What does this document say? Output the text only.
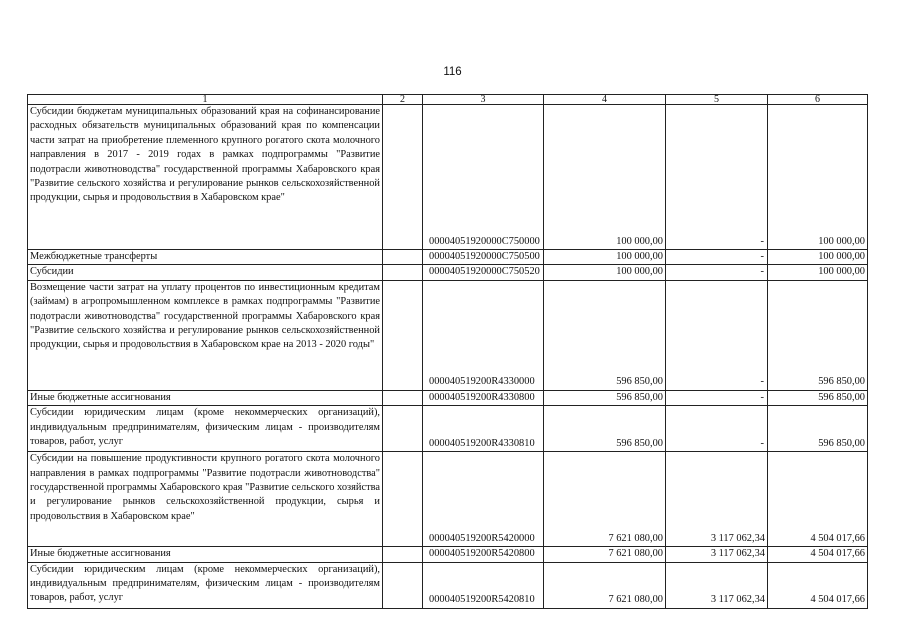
116
1	2	3	4	5	6
Субсидии бюджетам муниципальных образований края на софинансирование расходных обязательств муниципальных образований края по компенсации части затрат на приобретение племенного крупного рогатого скота молочного направления в 2017 - 2019 годах в рамках подпрограммы "Развитие подотрасли животноводства" государственной программы Хабаровского края "Развитие сельского хозяйства и регулирование рынков сельскохозяйственной продукции, сырья и продовольствия в Хабаровском крае"		00004051920000C750000	100 000,00	-	100 000,00
Межбюджетные трансферты		00004051920000C750500	100 000,00	-	100 000,00
Субсидии		00004051920000C750520	100 000,00	-	100 000,00
Возмещение части затрат на уплату процентов по инвестиционным кредитам (займам) в агропромышленном комплексе в рамках подпрограммы "Развитие подотрасли животноводства" государственной программы Хабаровского края "Развитие сельского хозяйства и регулирование рынков сельскохозяйственной продукции, сырья и продовольствия в Хабаровском крае на 2013 - 2020 годы"		000040519200R4330000	596 850,00	-	596 850,00
Иные бюджетные ассигнования		000040519200R4330800	596 850,00	-	596 850,00
Субсидии юридическим лицам (кроме некоммерческих организаций), индивидуальным предпринимателям, физическим лицам - производителям товаров, работ, услуг		000040519200R4330810	596 850,00	-	596 850,00
Субсидии на повышение продуктивности крупного рогатого скота молочного направления в рамках подпрограммы "Развитие подотрасли животноводства" государственной программы Хабаровского края "Развитие сельского хозяйства и регулирование рынков сельскохозяйственной продукции, сырья и продовольствия в Хабаровском крае"		000040519200R5420000	7 621 080,00	3 117 062,34	4 504 017,66
Иные бюджетные ассигнования		000040519200R5420800	7 621 080,00	3 117 062,34	4 504 017,66
Субсидии юридическим лицам (кроме некоммерческих организаций), индивидуальным предпринимателям, физическим лицам - производителям товаров, работ, услуг		000040519200R5420810	7 621 080,00	3 117 062,34	4 504 017,66
